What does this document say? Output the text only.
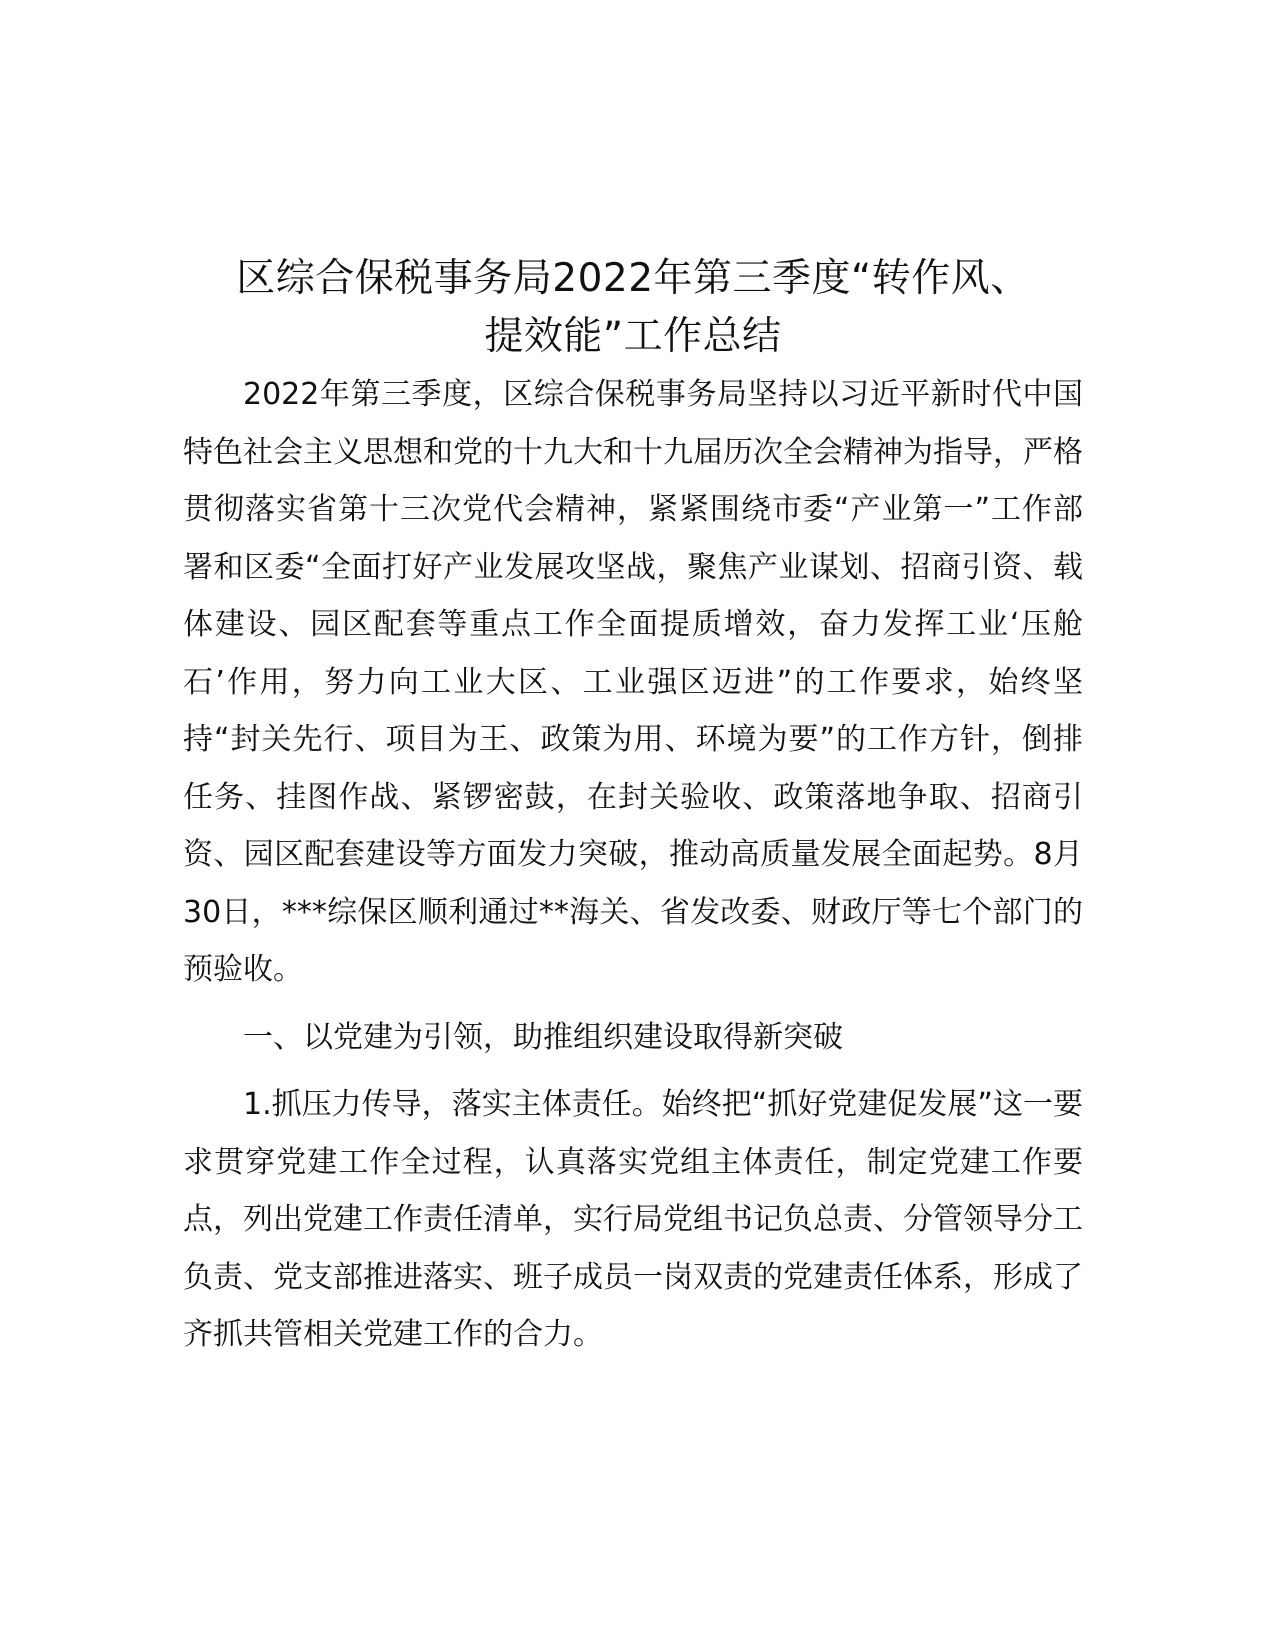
区综合保税事务局2022年第三季度“转作风、
提效能”工作总结

2022年第三季度，区综合保税事务局坚持以习近平新时代中国特色社会主义思想和党的十九大和十九届历次全会精神为指导，严格贯彻落实省第十三次党代会精神，紧紧围绕市委“产业第一”工作部署和区委“全面打好产业发展攻坚战，聚焦产业谋划、招商引资、载体建设、园区配套等重点工作全面提质增效，奋力发挥工业‘压舱石’作用，努力向工业大区、工业强区迈进”的工作要求，始终坚持“封关先行、项目为王、政策为用、环境为要”的工作方针，倒排任务、挂图作战、紧锣密鼓，在封关验收、政策落地争取、招商引资、园区配套建设等方面发力突破，推动高质量发展全面起势。8月30日，***综保区顺利通过**海关、省发改委、财政厅等七个部门的预验收。

一、以党建为引领，助推组织建设取得新突破

1.抓压力传导，落实主体责任。始终把“抓好党建促发展”这一要求贯穿党建工作全过程，认真落实党组主体责任，制定党建工作要点，列出党建工作责任清单，实行局党组书记负总责、分管领导分工负责、党支部推进落实、班子成员一岗双责的党建责任体系，形成了齐抓共管相关党建工作的合力。
